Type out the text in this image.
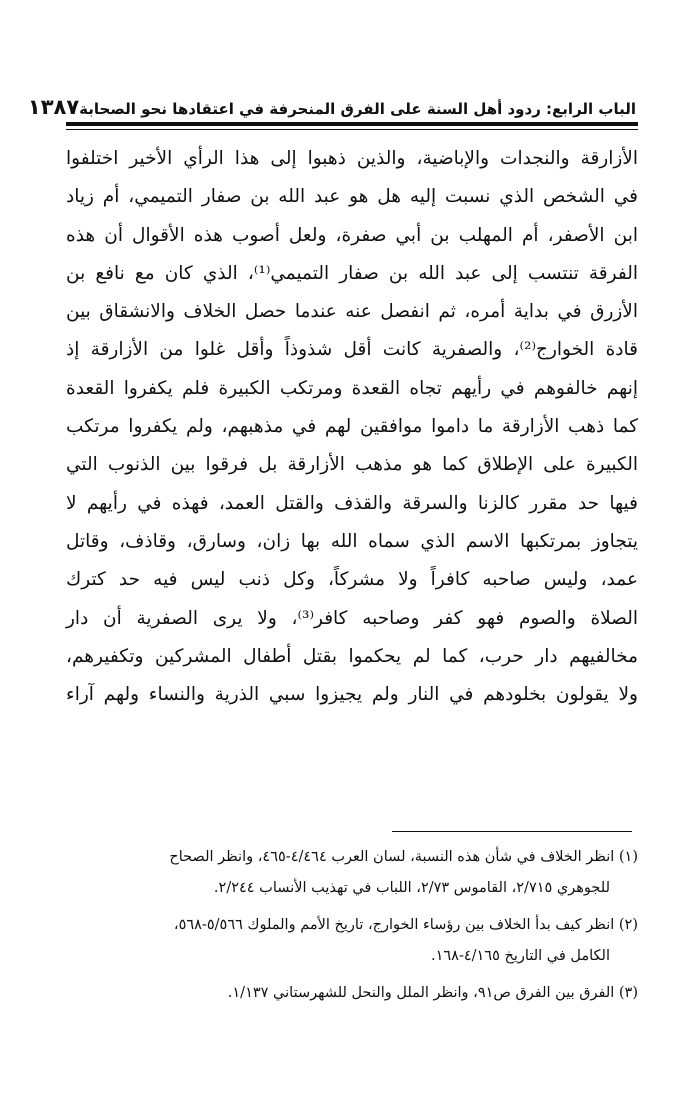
الباب الرابع: ردود أهل السنة على الفرق المنحرفة في اعتقادها نحو الصحابة
١٣٨٧
الأزارقة والنجدات والإباضية، والذين ذهبوا إلى هذا الرأي الأخير اختلفوا
في الشخص الذي نسبت إليه هل هو عبد الله بن صفار التميمي، أم زياد
ابن الأصفر، أم المهلب بن أبي صفرة، ولعل أصوب هذه الأقوال أن هذه
الفرقة تنتسب إلى عبد الله بن صفار التميمي⁽¹⁾، الذي كان مع نافع بن
الأزرق في بداية أمره، ثم انفصل عنه عندما حصل الخلاف والانشقاق بين
قادة الخوارج⁽²⁾، والصفرية كانت أقل شذوذاً وأقل غلوا من الأزارقة إذ
إنهم خالفوهم في رأيهم تجاه القعدة ومرتكب الكبيرة فلم يكفروا القعدة
كما ذهب الأزارقة ما داموا موافقين لهم في مذهبهم، ولم يكفروا مرتكب
الكبيرة على الإطلاق كما هو مذهب الأزارقة بل فرقوا بين الذنوب التي
فيها حد مقرر كالزنا والسرقة والقذف والقتل العمد، فهذه في رأيهم لا
يتجاوز بمرتكبها الاسم الذي سماه الله بها زان، وسارق، وقاذف، وقاتل
عمد، وليس صاحبه كافراً ولا مشركاً، وكل ذنب ليس فيه حد كترك
الصلاة والصوم فهو كفر وصاحبه كافر⁽³⁾، ولا يرى الصفرية أن دار
مخالفيهم دار حرب، كما لم يحكموا بقتل أطفال المشركين وتكفيرهم،
ولا يقولون بخلودهم في النار ولم يجيزوا سبي الذرية والنساء ولهم آراء
(١) انظر الخلاف في شأن هذه النسبة، لسان العرب ٤/٤٦٤-٤٦٥، وانظر الصحاح
للجوهري ٢/٧١٥، القاموس ٢/٧٣، اللباب في تهذيب الأنساب ٢/٢٤٤.
(٢) انظر كيف بدأ الخلاف بين رؤساء الخوارج، تاريخ الأمم والملوك ٥/٥٦٦-٥٦٨،
الكامل في التاريخ ٤/١٦٥-١٦٨.
(٣) الفرق بين الفرق ص٩١، وانظر الملل والنحل للشهرستاني ١/١٣٧.
